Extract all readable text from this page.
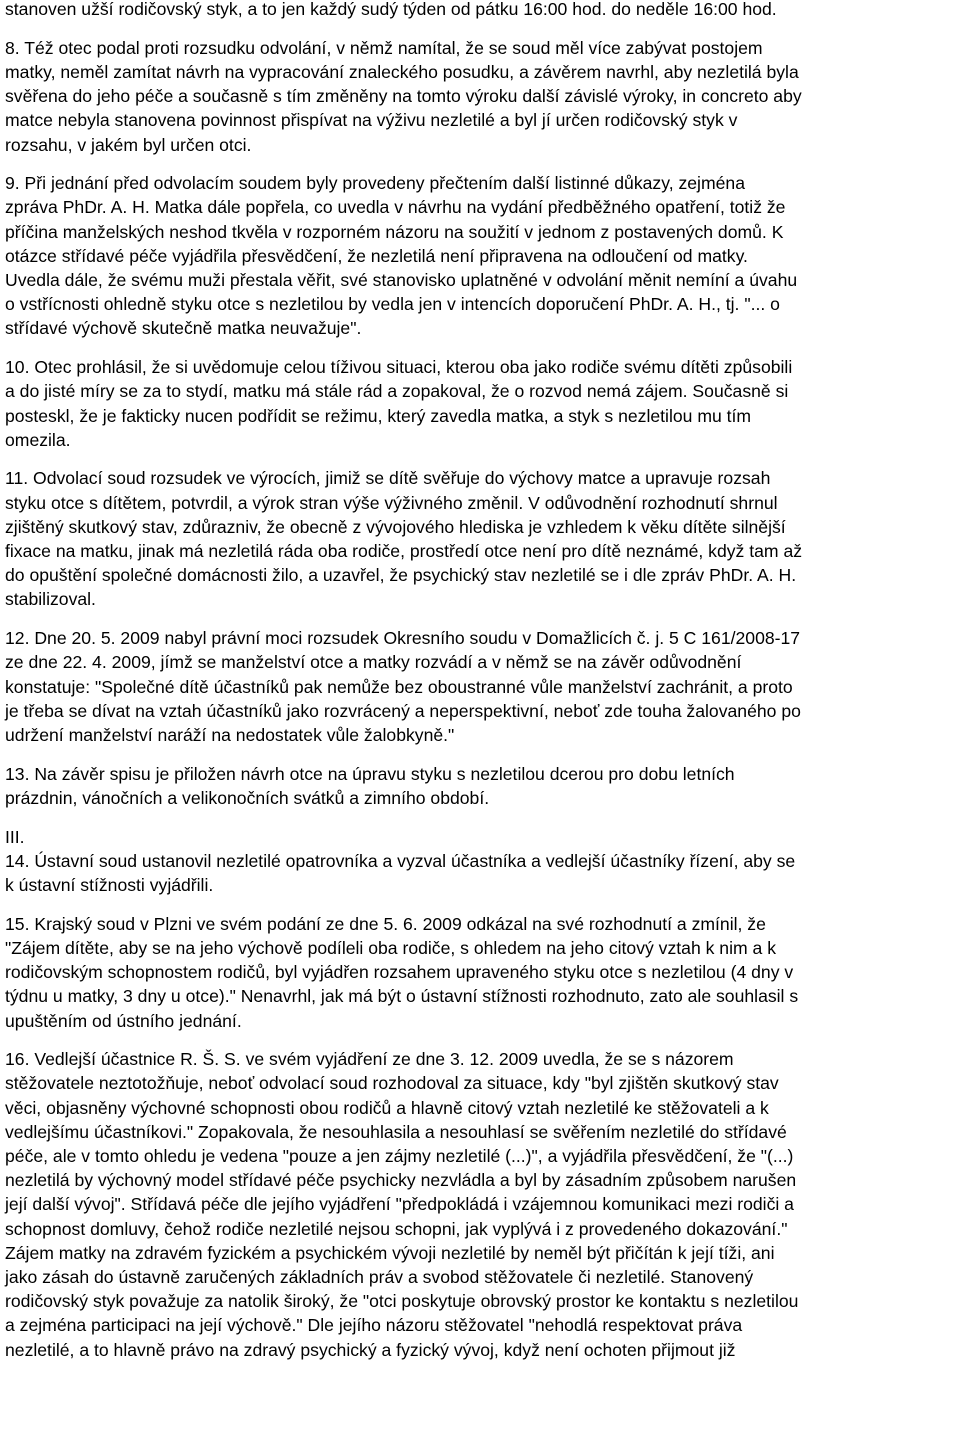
stanoven užší rodičovský styk, a to jen každý sudý týden od pátku 16:00 hod. do neděle 16:00 hod.

8. Též otec podal proti rozsudku odvolání, v němž namítal, že se soud měl více zabývat postojem
matky, neměl zamítat návrh na vypracování znaleckého posudku, a závěrem navrhl, aby nezletilá byla
svěřena do jeho péče a současně s tím změněny na tomto výroku další závislé výroky, in concreto aby
matce nebyla stanovena povinnost přispívat na výživu nezletilé a byl jí určen rodičovský styk v
rozsahu, v jakém byl určen otci.

9. Při jednání před odvolacím soudem byly provedeny přečtením další listinné důkazy, zejména
zpráva PhDr. A. H. Matka dále popřela, co uvedla v návrhu na vydání předběžného opatření, totiž že
příčina manželských neshod tkvěla v rozporném názoru na soužití v jednom z postavených domů. K
otázce střídavé péče vyjádřila přesvědčení, že nezletilá není připravena na odloučení od matky.
Uvedla dále, že svému muži přestala věřit, své stanovisko uplatněné v odvolání měnit nemíní a úvahu
o vstřícnosti ohledně styku otce s nezletilou by vedla jen v intencích doporučení PhDr. A. H., tj. "... o
střídavé výchově skutečně matka neuvažuje".

10. Otec prohlásil, že si uvědomuje celou tíživou situaci, kterou oba jako rodiče svému dítěti způsobili
a do jisté míry se za to stydí, matku má stále rád a zopakoval, že o rozvod nemá zájem. Současně si
posteskl, že je fakticky nucen podřídit se režimu, který zavedla matka, a styk s nezletilou mu tím
omezila.

11. Odvolací soud rozsudek ve výrocích, jimiž se dítě svěřuje do výchovy matce a upravuje rozsah
styku otce s dítětem, potvrdil, a výrok stran výše výživného změnil. V odůvodnění rozhodnutí shrnul
zjištěný skutkový stav, zdůrazniv, že obecně z vývojového hlediska je vzhledem k věku dítěte silnější
fixace na matku, jinak má nezletilá ráda oba rodiče, prostředí otce není pro dítě neznámé, když tam až
do opuštění společné domácnosti žilo, a uzavřel, že psychický stav nezletilé se i dle zpráv PhDr. A. H.
stabilizoval.

12. Dne 20. 5. 2009 nabyl právní moci rozsudek Okresního soudu v Domažlicích č. j. 5 C 161/2008-17
ze dne 22. 4. 2009, jímž se manželství otce a matky rozvádí a v němž se na závěr odůvodnění
konstatuje: "Společné dítě účastníků pak nemůže bez oboustranné vůle manželství zachránit, a proto
je třeba se dívat na vztah účastníků jako rozvrácený a neperspektivní, neboť zde touha žalovaného po
udržení manželství naráží na nedostatek vůle žalobkyně."

13. Na závěr spisu je přiložen návrh otce na úpravu styku s nezletilou dcerou pro dobu letních
prázdnin, vánočních a velikonočních svátků a zimního období.

III.

14. Ústavní soud ustanovil nezletilé opatrovníka a vyzval účastníka a vedlejší účastníky řízení, aby se
k ústavní stížnosti vyjádřili.

15. Krajský soud v Plzni ve svém podání ze dne 5. 6. 2009 odkázal na své rozhodnutí a zmínil, že
"Zájem dítěte, aby se na jeho výchově podíleli oba rodiče, s ohledem na jeho citový vztah k nim a k
rodičovským schopnostem rodičů, byl vyjádřen rozsahem upraveného styku otce s nezletilou (4 dny v
týdnu u matky, 3 dny u otce)." Nenavrhl, jak má být o ústavní stížnosti rozhodnuto, zato ale souhlasil s
upuštěním od ústního jednání.

16. Vedlejší účastnice R. Š. S. ve svém vyjádření ze dne 3. 12. 2009 uvedla, že se s názorem
stěžovatele neztotožňuje, neboť odvolací soud rozhodoval za situace, kdy "byl zjištěn skutkový stav
věci, objasněny výchovné schopnosti obou rodičů a hlavně citový vztah nezletilé ke stěžovateli a k
vedlejšímu účastníkovi." Zopakovala, že nesouhlasila a nesouhlasí se svěřením nezletilé do střídavé
péče, ale v tomto ohledu je vedena "pouze a jen zájmy nezletilé (...)", a vyjádřila přesvědčení, že "(...)
nezletilá by výchovný model střídavé péče psychicky nezvládla a byl by zásadním způsobem narušen
její další vývoj". Střídavá péče dle jejího vyjádření "předpokládá i vzájemnou komunikaci mezi rodiči a
schopnost domluvy, čehož rodiče nezletilé nejsou schopni, jak vyplývá i z provedeného dokazování."
Zájem matky na zdravém fyzickém a psychickém vývoji nezletilé by neměl být přičítán k její tíži, ani
jako zásah do ústavně zaručených základních práv a svobod stěžovatele či nezletilé. Stanovený
rodičovský styk považuje za natolik široký, že "otci poskytuje obrovský prostor ke kontaktu s nezletilou
a zejména participaci na její výchově." Dle jejího názoru stěžovatel "nehodlá respektovat práva
nezletilé, a to hlavně právo na zdravý psychický a fyzický vývoj, když není ochoten přijmout již
